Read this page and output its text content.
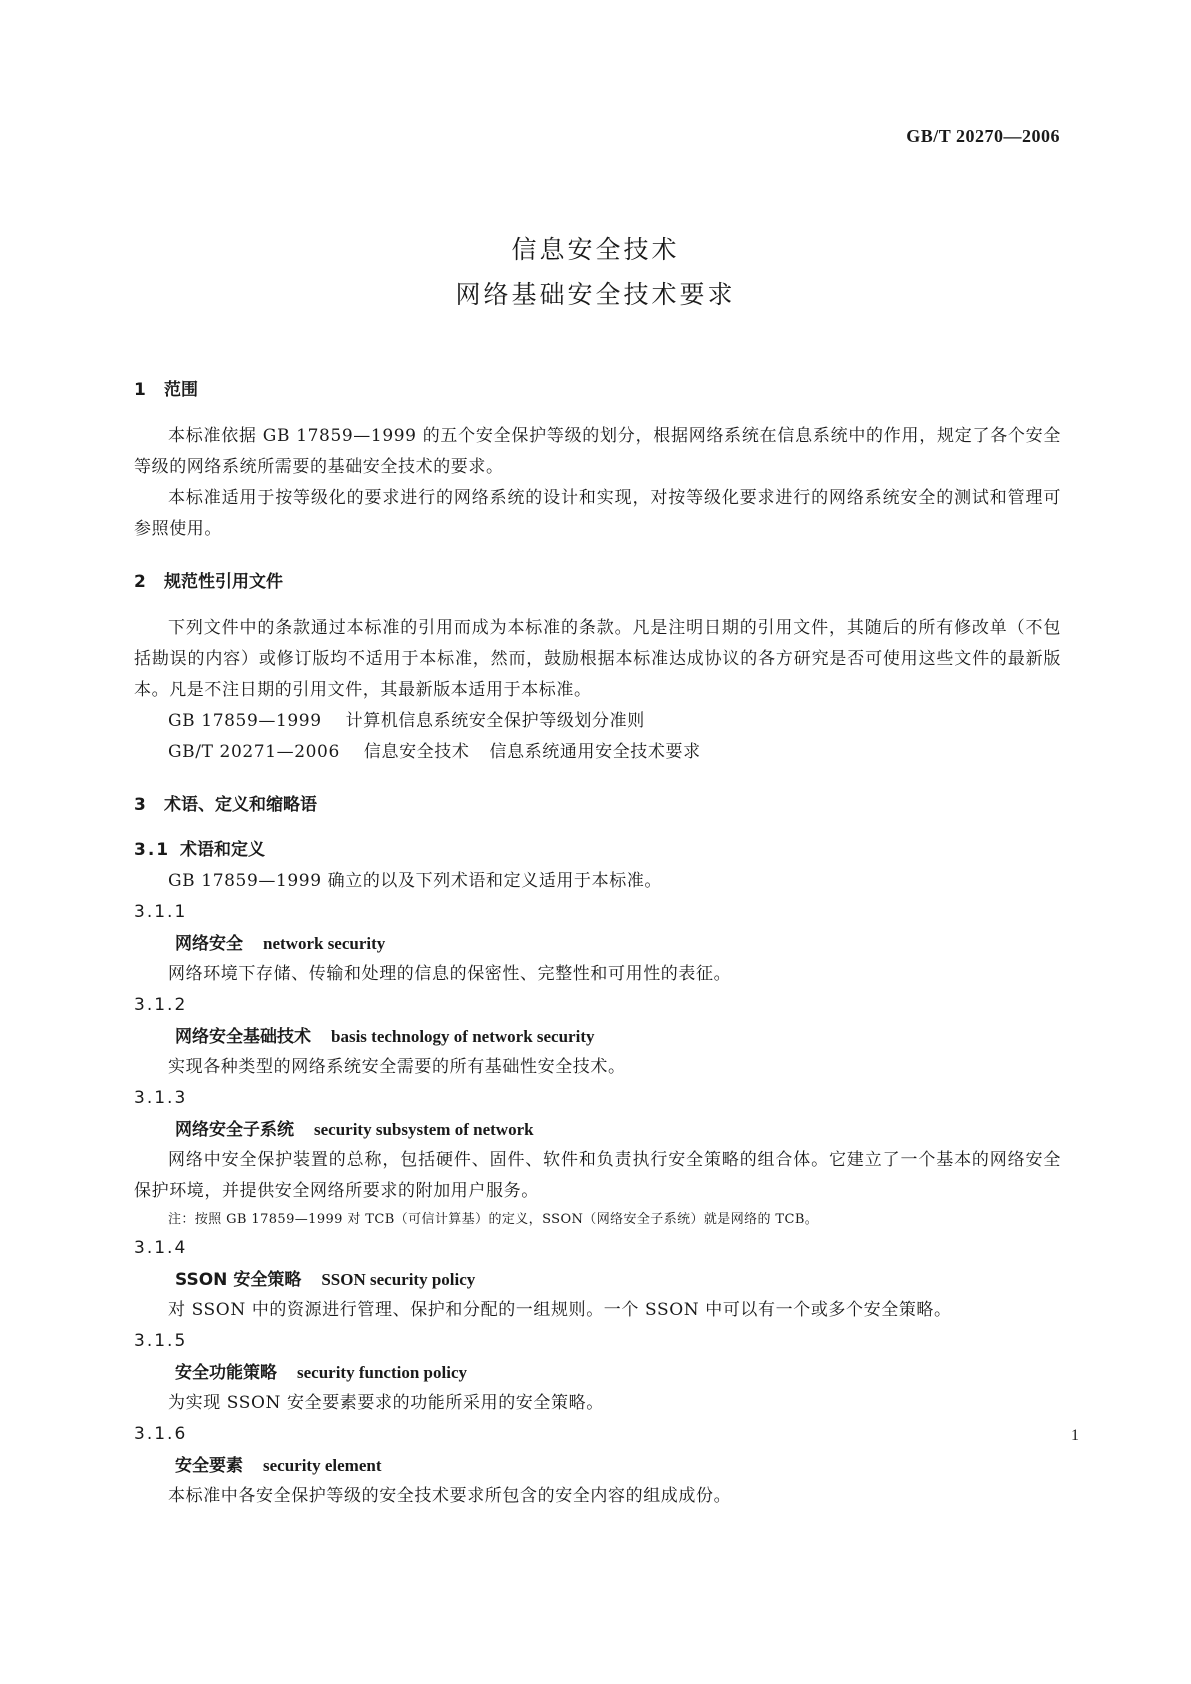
GB/T 20270—2006
信息安全技术
网络基础安全技术要求
1 范围

本标准依据 GB 17859—1999 的五个安全保护等级的划分，根据网络系统在信息系统中的作用，规定了各个安全等级的网络系统所需要的基础安全技术的要求。

本标准适用于按等级化的要求进行的网络系统的设计和实现，对按等级化要求进行的网络系统安全的测试和管理可参照使用。

2 规范性引用文件

下列文件中的条款通过本标准的引用而成为本标准的条款。凡是注明日期的引用文件，其随后的所有修改单（不包括勘误的内容）或修订版均不适用于本标准，然而，鼓励根据本标准达成协议的各方研究是否可使用这些文件的最新版本。凡是不注日期的引用文件，其最新版本适用于本标准。

GB 17859—1999 计算机信息系统安全保护等级划分准则
GB/T 20271—2006 信息安全技术 信息系统通用安全技术要求
3 术语、定义和缩略语
3.1 术语和定义

GB 17859—1999 确立的以及下列术语和定义适用于本标准。

3.1.1
网络安全 network security

网络环境下存储、传输和处理的信息的保密性、完整性和可用性的表征。

3.1.2
网络安全基础技术 basis technology of network security

实现各种类型的网络系统安全需要的所有基础性安全技术。

3.1.3
网络安全子系统 security subsystem of network

网络中安全保护装置的总称，包括硬件、固件、软件和负责执行安全策略的组合体。它建立了一个基本的网络安全保护环境，并提供安全网络所要求的附加用户服务。

注：按照 GB 17859—1999 对 TCB（可信计算基）的定义，SSON（网络安全子系统）就是网络的 TCB。
3.1.4
SSON 安全策略 SSON security policy

对 SSON 中的资源进行管理、保护和分配的一组规则。一个 SSON 中可以有一个或多个安全策略。

3.1.5
安全功能策略 security function policy

为实现 SSON 安全要素要求的功能所采用的安全策略。

3.1.6
安全要素 security element

本标准中各安全保护等级的安全技术要求所包含的安全内容的组成成份。

1
